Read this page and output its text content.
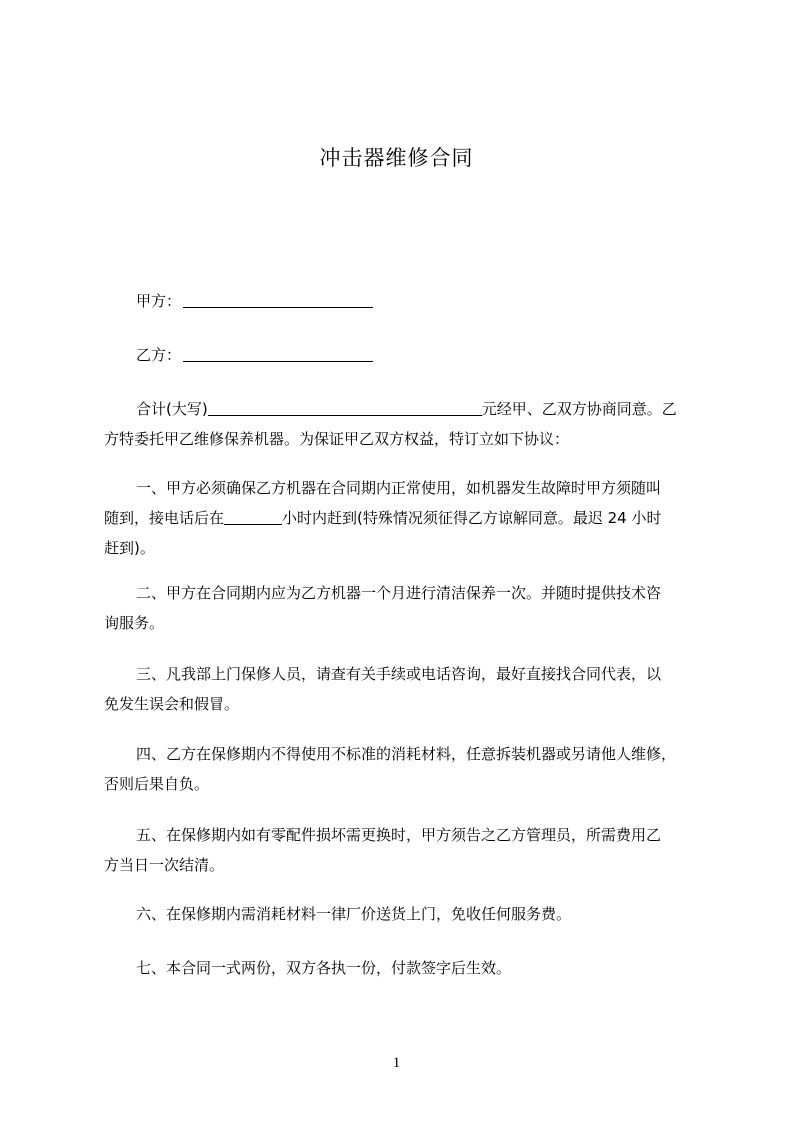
冲击器维修合同
甲方：
乙方：
合计(大写)	元经甲、乙双方协商同意。乙
方特委托甲乙维修保养机器。为保证甲乙双方权益，特订立如下协议：
一、甲方必须确保乙方机器在合同期内正常使用，如机器发生故障时甲方须随叫
随到，接电话后在	小时内赶到(特殊情况须征得乙方谅解同意。最迟 24 小时
赶到)。
二、甲方在合同期内应为乙方机器一个月进行清洁保养一次。并随时提供技术咨
询服务。
三、凡我部上门保修人员，请查有关手续或电话咨询，最好直接找合同代表，以
免发生误会和假冒。
四、乙方在保修期内不得使用不标准的消耗材料，任意拆装机器或另请他人维修，
否则后果自负。
五、在保修期内如有零配件损坏需更换时，甲方须告之乙方管理员，所需费用乙
方当日一次结清。
六、在保修期内需消耗材料一律厂价送货上门，免收任何服务费。
七、本合同一式两份，双方各执一份，付款签字后生效。
1
